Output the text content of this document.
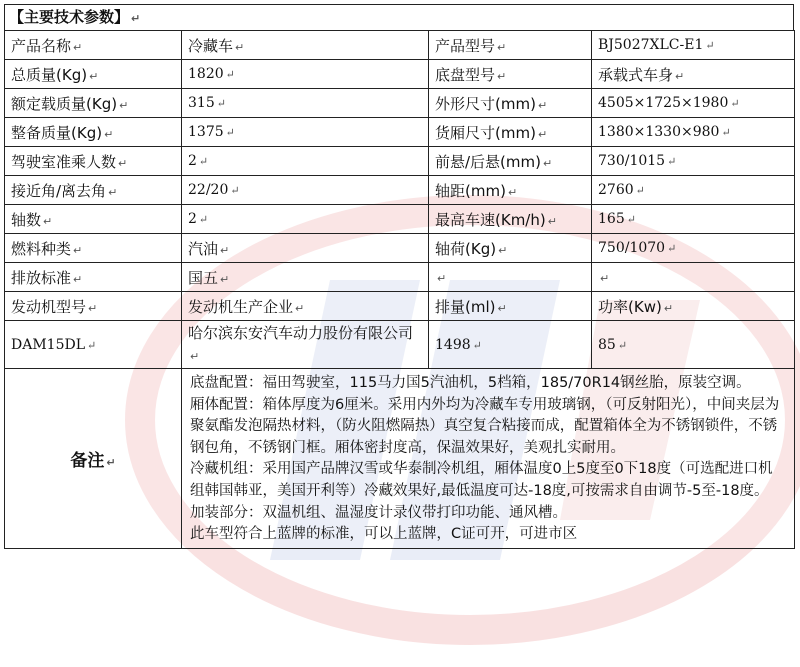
【主要技术参数】 ↵
产品名称 ↵	冷藏车 ↵	产品型号 ↵	BJ5027XLC-E1 ↵
总质量(Kg) ↵	1820 ↵	底盘型号 ↵	承载式车身 ↵
额定载质量(Kg) ↵	315 ↵	外形尺寸(mm) ↵	4505×1725×1980 ↵
整备质量(Kg) ↵	1375 ↵	货厢尺寸(mm) ↵	1380×1330×980 ↵
驾驶室准乘人数 ↵	2 ↵	前悬/后悬(mm) ↵	730/1015 ↵
接近角/离去角 ↵	22/20 ↵	轴距(mm) ↵	2760 ↵
轴数 ↵	2 ↵	最高车速(Km/h) ↵	165 ↵
燃料种类 ↵	汽油 ↵	轴荷(Kg) ↵	750/1070 ↵
排放标准 ↵	国五 ↵	↵	↵
发动机型号 ↵	发动机生产企业 ↵	排量(ml) ↵	功率(Kw) ↵
DAM15DL ↵	哈尔滨东安汽车动力股份有限公司↵	1498 ↵	85 ↵
备注 ↵	底盘配置：福田驾驶室，115马力国5汽油机，5档箱，185/70R14钢丝胎，原装空调。

厢体配置：箱体厚度为6厘米。采用内外均为冷藏车专用玻璃钢，（可反射阳光），中间夹层为聚氨酯发泡隔热材料，（防火阻燃隔热）真空复合粘接而成，配置箱体全为不锈钢锁件，不锈钢包角，不锈钢门框。厢体密封度高，保温效果好，美观扎实耐用。

冷藏机组：采用国产品牌汉雪或华泰制冷机组，厢体温度0上5度至0下18度（可选配进口机组韩国韩亚，美国开利等）冷藏效果好,最低温度可达-18度,可按需求自由调节-5至-18度。

加装部分：双温机组、温湿度计录仪带打印功能、通风槽。

此车型符合上蓝牌的标准，可以上蓝牌，C证可开，可进市区		
